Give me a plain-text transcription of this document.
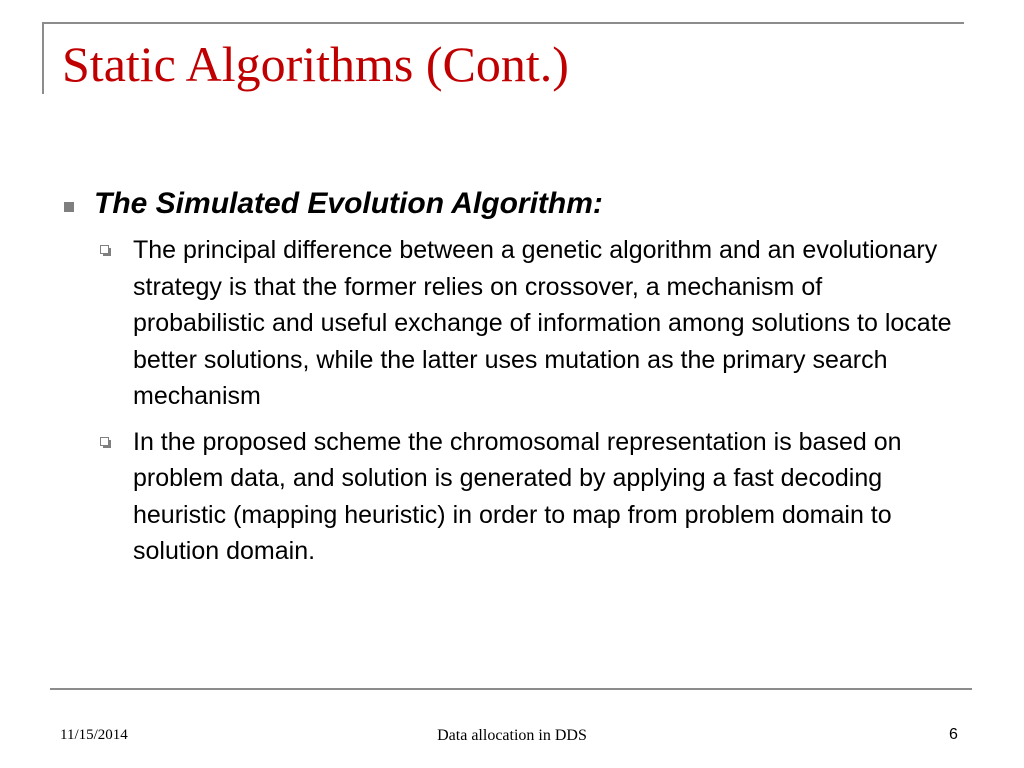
Static Algorithms (Cont.)
The Simulated Evolution Algorithm:
The principal difference between a genetic algorithm and an evolutionary strategy is that the former relies on crossover, a mechanism of probabilistic and useful exchange of information among solutions to locate better solutions, while the latter uses mutation as the primary search mechanism
In the proposed scheme the chromosomal representation is based on problem data, and solution is generated by applying a fast decoding heuristic (mapping heuristic) in order to map from problem domain to solution domain.
11/15/2014	Data allocation in DDS	6
